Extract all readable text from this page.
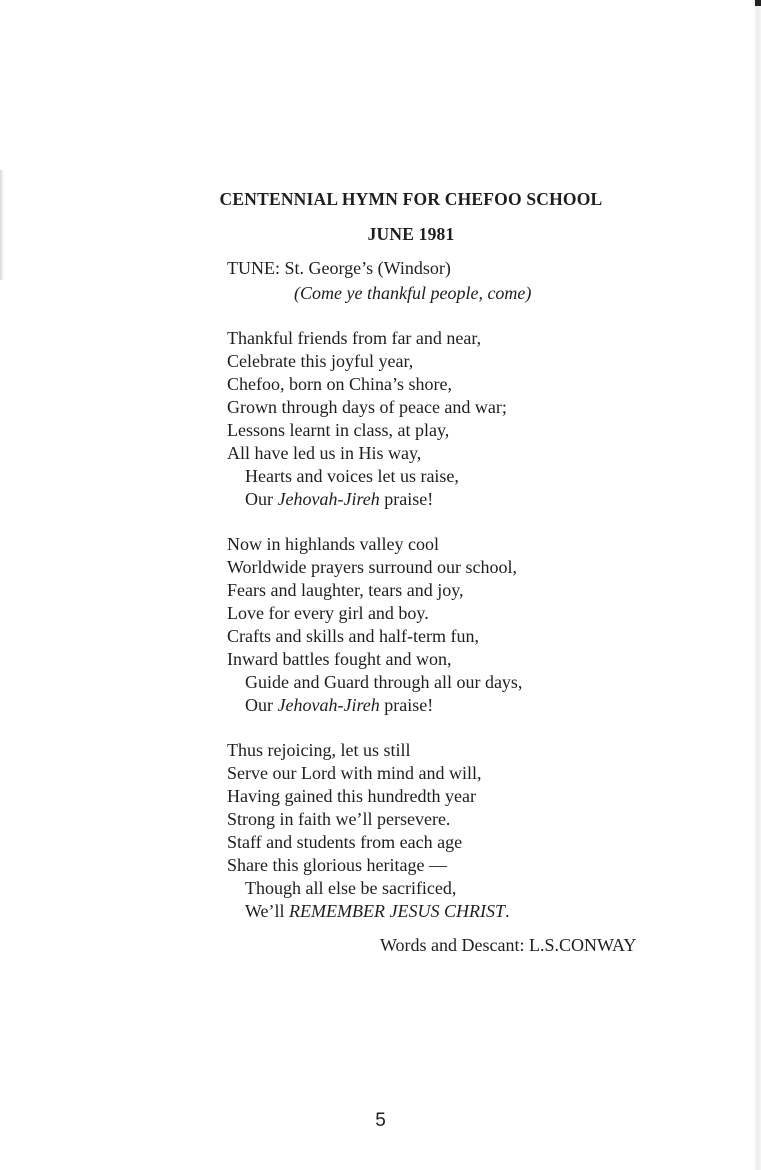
CENTENNIAL HYMN FOR CHEFOO SCHOOL
JUNE 1981
TUNE: St. George’s (Windsor)
(Come ye thankful people, come)
Thankful friends from far and near,
Celebrate this joyful year,
Chefoo, born on China’s shore,
Grown through days of peace and war;
Lessons learnt in class, at play,
All have led us in His way,
Hearts and voices let us raise,
Our Jehovah-Jireh praise!
Now in highlands valley cool
Worldwide prayers surround our school,
Fears and laughter, tears and joy,
Love for every girl and boy.
Crafts and skills and half-term fun,
Inward battles fought and won,
Guide and Guard through all our days,
Our Jehovah-Jireh praise!
Thus rejoicing, let us still
Serve our Lord with mind and will,
Having gained this hundredth year
Strong in faith we’ll persevere.
Staff and students from each age
Share this glorious heritage —
Though all else be sacrificed,
We’ll REMEMBER JESUS CHRIST.
Words and Descant: L.S.CONWAY
5
